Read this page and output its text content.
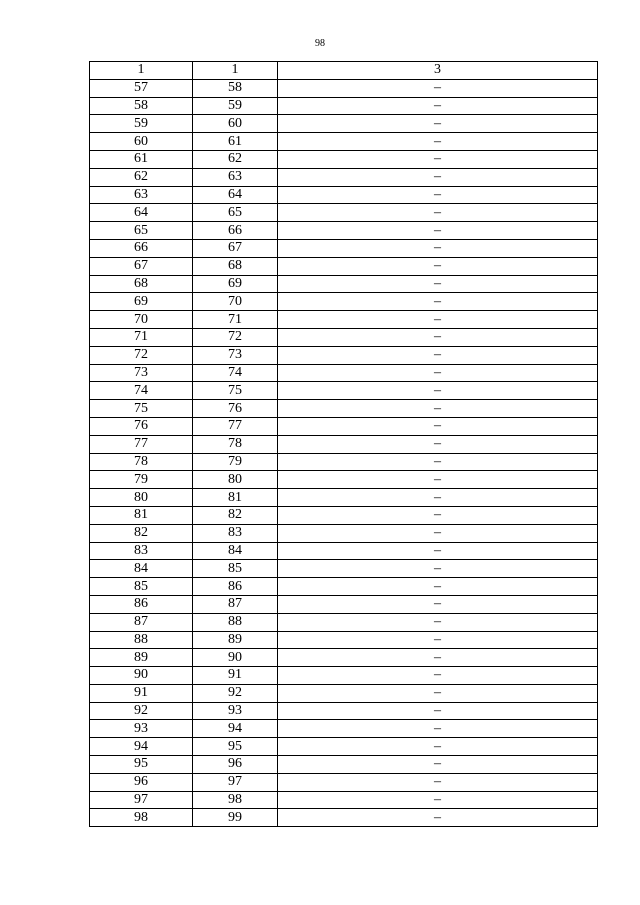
98
1	1	3
57	58	–
58	59	–
59	60	–
60	61	–
61	62	–
62	63	–
63	64	–
64	65	–
65	66	–
66	67	–
67	68	–
68	69	–
69	70	–
70	71	–
71	72	–
72	73	–
73	74	–
74	75	–
75	76	–
76	77	–
77	78	–
78	79	–
79	80	–
80	81	–
81	82	–
82	83	–
83	84	–
84	85	–
85	86	–
86	87	–
87	88	–
88	89	–
89	90	–
90	91	–
91	92	–
92	93	–
93	94	–
94	95	–
95	96	–
96	97	–
97	98	–
98	99	–
